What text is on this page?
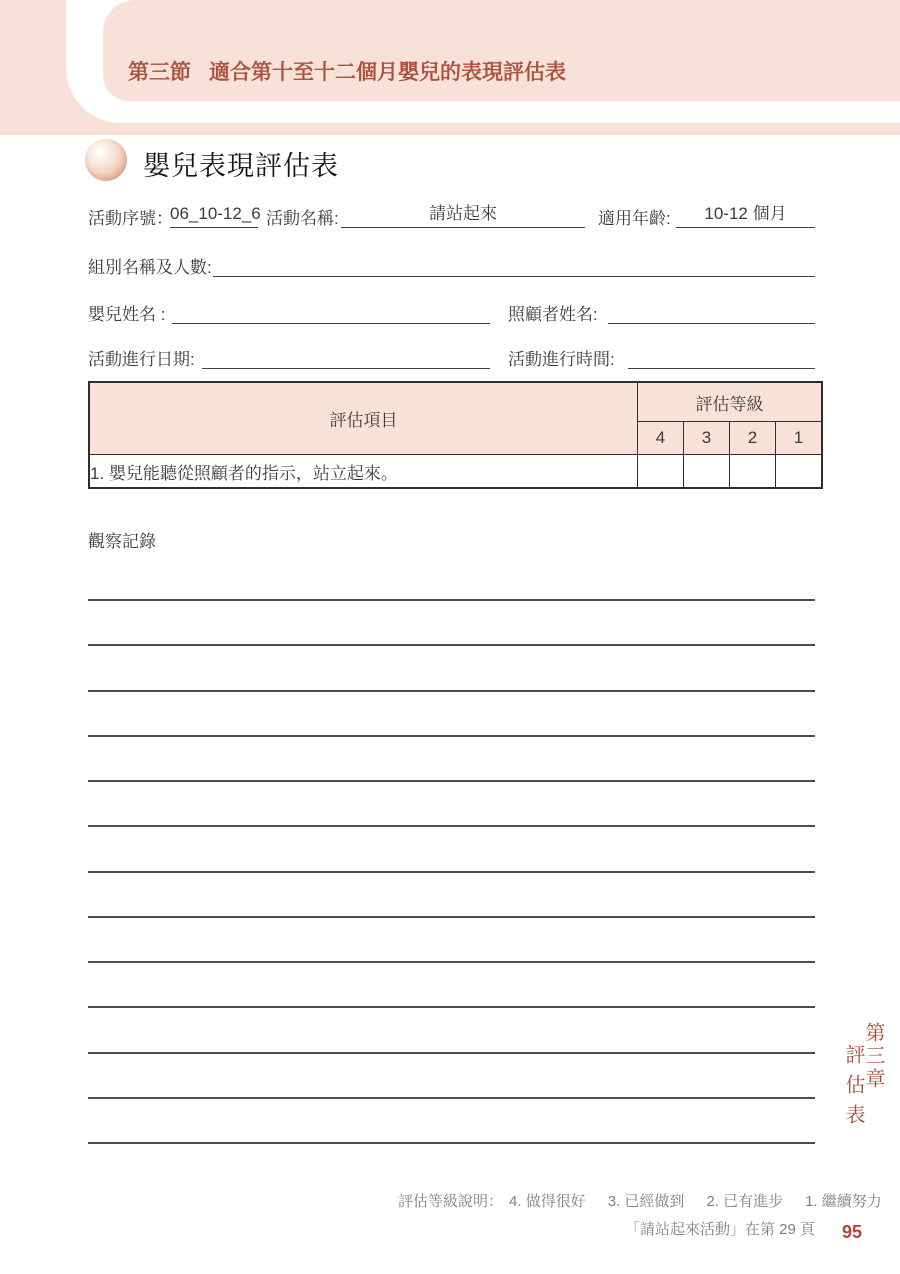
第三節 適合第十至十二個月嬰兒的表現評估表
嬰兒表現評估表
活動序號：
06_10-12_6 活動名稱:	請站起來	適用年齡:	10-12 個月
組別名稱及人數:
嬰兒姓名 :	照顧者姓名:
活動進行日期:	活動進行時間:
評估項目	評估等級			
	4	3	2	1
1. 嬰兒能聽從照顧者的指示，站立起來。				
觀察記錄
第三章
評估表
評估等級說明： 4. 做得很好 3. 已經做到 2. 已有進步 1. 繼續努力
「請站起來活動」在第 29 頁 95
